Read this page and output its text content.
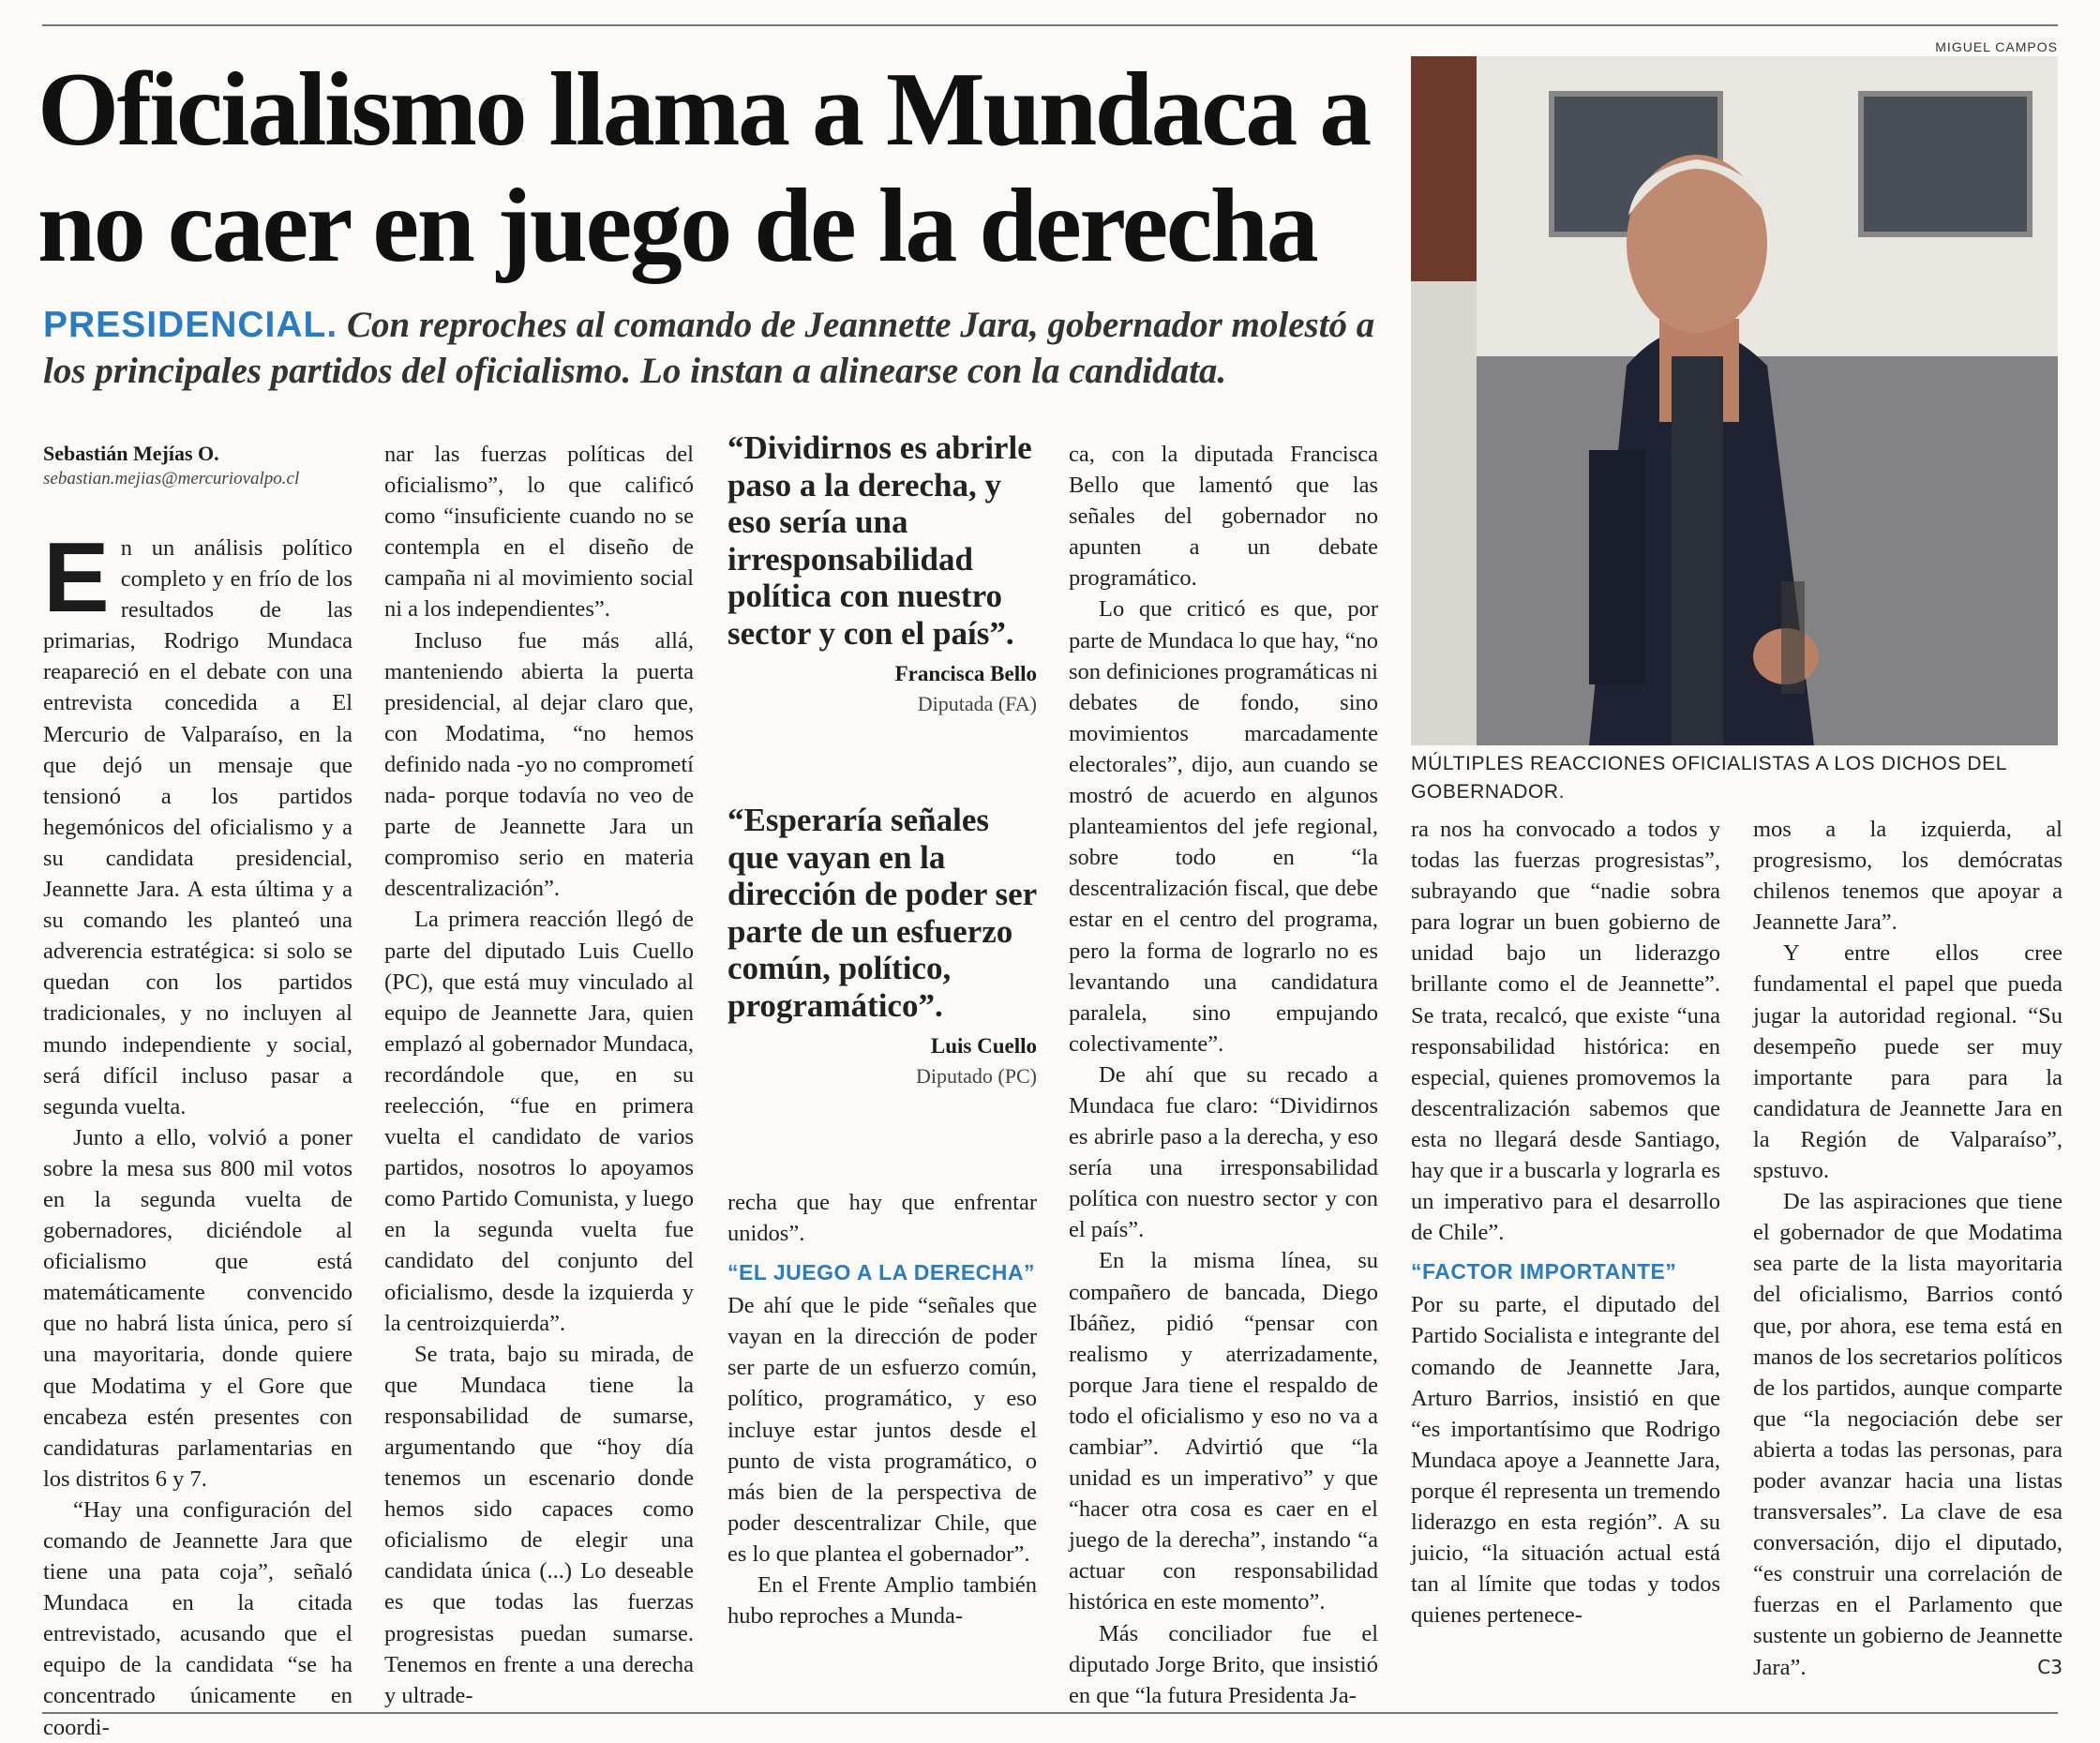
Oficialismo llama a Mundaca a no caer en juego de la derecha

PRESIDENCIAL. Con reproches al comando de Jeannette Jara, gobernador molestó a los principales partidos del oficialismo. Lo instan a alinearse con la candidata.

Sebastián Mejías O.
sebastian.mejias@mercuriovalpo.cl

En un análisis político completo y en frío de los resultados de las primarias, Rodrigo Mundaca reapareció en el debate con una entrevista concedida a El Mercurio de Valparaíso, en la que dejó un mensaje que tensionó a los partidos hegemónicos del oficialismo y a su candidata presidencial, Jeannette Jara. A esta última y a su comando les planteó una adverencia estratégica: si solo se quedan con los partidos tradicionales, y no incluyen al mundo independiente y social, será difícil incluso pasar a segunda vuelta.

Junto a ello, volvió a poner sobre la mesa sus 800 mil votos en la segunda vuelta de gobernadores, diciéndole al oficialismo que está matemáticamente convencido que no habrá lista única, pero sí una mayoritaria, donde quiere que Modatima y el Gore que encabeza estén presentes con candidaturas parlamentarias en los distritos 6 y 7.

“Hay una configuración del comando de Jeannette Jara que tiene una pata coja”, señaló Mundaca en la citada entrevistado, acusando que el equipo de la candidata “se ha concentrado únicamente en coordi-

nar las fuerzas políticas del oficialismo”, lo que calificó como “insuficiente cuando no se contempla en el diseño de campaña ni al movimiento social ni a los independientes”.

Incluso fue más allá, manteniendo abierta la puerta presidencial, al dejar claro que, con Modatima, “no hemos definido nada -yo no comprometí nada- porque todavía no veo de parte de Jeannette Jara un compromiso serio en materia descentralización”.

La primera reacción llegó de parte del diputado Luis Cuello (PC), que está muy vinculado al equipo de Jeannette Jara, quien emplazó al gobernador Mundaca, recordándole que, en su reelección, “fue en primera vuelta el candidato de varios partidos, nosotros lo apoyamos como Partido Comunista, y luego en la segunda vuelta fue candidato del conjunto del oficialismo, desde la izquierda y la centroizquierda”.

Se trata, bajo su mirada, de que Mundaca tiene la responsabilidad de sumarse, argumentando que “hoy día tenemos un escenario donde hemos sido capaces como oficialismo de elegir una candidata única (...) Lo deseable es que todas las fuerzas progresistas puedan sumarse. Tenemos en frente a una derecha y ultrade-

“Dividirnos es abrirle paso a la derecha, y eso sería una irresponsabilidad política con nuestro sector y con el país”.

Francisca Bello
Diputada (FA)

“Esperaría señales que vayan en la dirección de poder ser parte de un esfuerzo común, político, programático”.

Luis Cuello
Diputado (PC)

recha que hay que enfrentar unidos”.

“EL JUEGO A LA DERECHA”

De ahí que le pide “señales que vayan en la dirección de poder ser parte de un esfuerzo común, político, programático, y eso incluye estar juntos desde el punto de vista programático, o más bien de la perspectiva de poder descentralizar Chile, que es lo que plantea el gobernador”.

En el Frente Amplio también hubo reproches a Munda-

ca, con la diputada Francisca Bello que lamentó que las señales del gobernador no apunten a un debate programático.

Lo que criticó es que, por parte de Mundaca lo que hay, “no son definiciones programáticas ni debates de fondo, sino movimientos marcadamente electorales”, dijo, aun cuando se mostró de acuerdo en algunos planteamientos del jefe regional, sobre todo en “la descentralización fiscal, que debe estar en el centro del programa, pero la forma de lograrlo no es levantando una candidatura paralela, sino empujando colectivamente”.

De ahí que su recado a Mundaca fue claro: “Dividirnos es abrirle paso a la derecha, y eso sería una irresponsabilidad política con nuestro sector y con el país”.

En la misma línea, su compañero de bancada, Diego Ibáñez, pidió “pensar con realismo y aterrizadamente, porque Jara tiene el respaldo de todo el oficialismo y eso no va a cambiar”. Advirtió que “la unidad es un imperativo” y que “hacer otra cosa es caer en el juego de la derecha”, instando “a actuar con responsabilidad histórica en este momento”.

Más conciliador fue el diputado Jorge Brito, que insistió en que “la futura Presidenta Ja-

MIGUEL CAMPOS
MÚLTIPLES REACCIONES OFICIALISTAS A LOS DICHOS DEL GOBERNADOR.

ra nos ha convocado a todos y todas las fuerzas progresistas”, subrayando que “nadie sobra para lograr un buen gobierno de unidad bajo un liderazgo brillante como el de Jeannette”. Se trata, recalcó, que existe “una responsabilidad histórica: en especial, quienes promovemos la descentralización sabemos que esta no llegará desde Santiago, hay que ir a buscarla y lograrla es un imperativo para el desarrollo de Chile”.

“FACTOR IMPORTANTE”

Por su parte, el diputado del Partido Socialista e integrante del comando de Jeannette Jara, Arturo Barrios, insistió en que “es importantísimo que Rodrigo Mundaca apoye a Jeannette Jara, porque él representa un tremendo liderazgo en esta región”. A su juicio, “la situación actual está tan al límite que todas y todos quienes pertenece-

mos a la izquierda, al progresismo, los demócratas chilenos tenemos que apoyar a Jeannette Jara”.

Y entre ellos cree fundamental el papel que pueda jugar la autoridad regional. “Su desempeño puede ser muy importante para para la candidatura de Jeannette Jara en la Región de Valparaíso”, spstuvo.

De las aspiraciones que tiene el gobernador de que Modatima sea parte de la lista mayoritaria del oficialismo, Barrios contó que, por ahora, ese tema está en manos de los secretarios políticos de los partidos, aunque comparte que “la negociación debe ser abierta a todas las personas, para poder avanzar hacia una listas transversales”. La clave de esa conversación, dijo el diputado, “es construir una correlación de fuerzas en el Parlamento que sustente un gobierno de Jeannette Jara”.	C3
